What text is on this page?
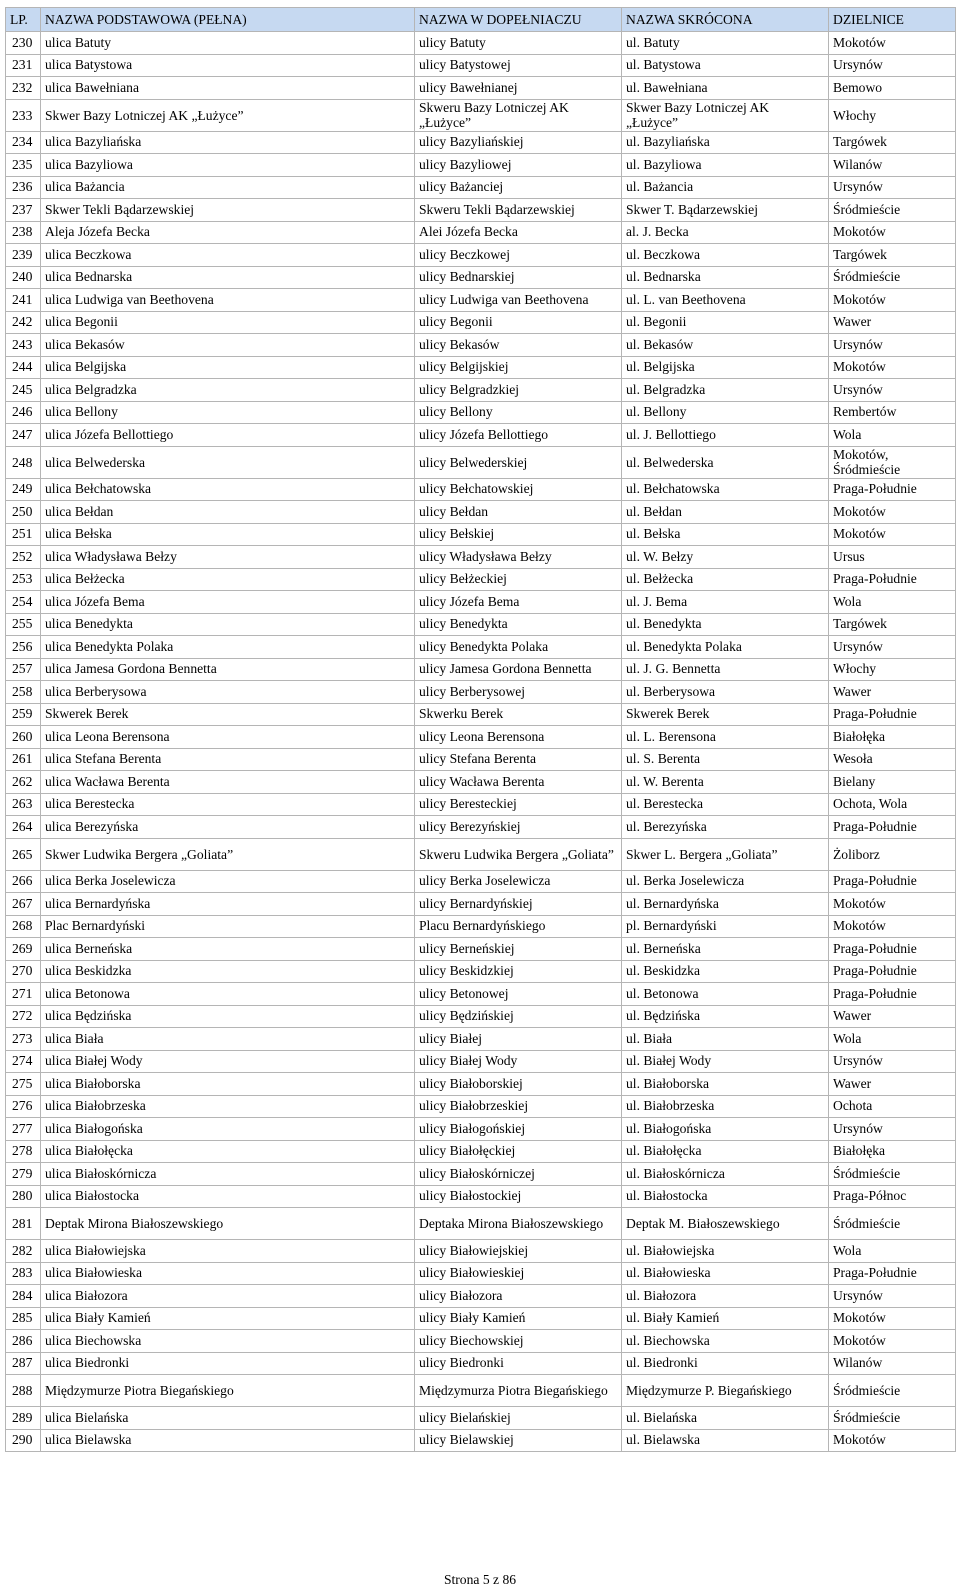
LP.	NAZWA PODSTAWOWA (PEŁNA)	NAZWA W DOPEŁNIACZU	NAZWA SKRÓCONA	DZIELNICE
230	ulica Batuty	ulicy Batuty	ul. Batuty	Mokotów
231	ulica Batystowa	ulicy Batystowej	ul. Batystowa	Ursynów
232	ulica Bawełniana	ulicy Bawełnianej	ul. Bawełniana	Bemowo
233	Skwer Bazy Lotniczej AK „Łużyce”	Skweru Bazy Lotniczej AK „Łużyce”	Skwer Bazy Lotniczej AK „Łużyce”	Włochy
234	ulica Bazyliańska	ulicy Bazyliańskiej	ul. Bazyliańska	Targówek
235	ulica Bazyliowa	ulicy Bazyliowej	ul. Bazyliowa	Wilanów
236	ulica Bażancia	ulicy Bażanciej	ul. Bażancia	Ursynów
237	Skwer Tekli Bądarzewskiej	Skweru Tekli Bądarzewskiej	Skwer T. Bądarzewskiej	Śródmieście
238	Aleja Józefa Becka	Alei Józefa Becka	al. J. Becka	Mokotów
239	ulica Beczkowa	ulicy Beczkowej	ul. Beczkowa	Targówek
240	ulica Bednarska	ulicy Bednarskiej	ul. Bednarska	Śródmieście
241	ulica Ludwiga van Beethovena	ulicy Ludwiga van Beethovena	ul. L. van Beethovena	Mokotów
242	ulica Begonii	ulicy Begonii	ul. Begonii	Wawer
243	ulica Bekasów	ulicy Bekasów	ul. Bekasów	Ursynów
244	ulica Belgijska	ulicy Belgijskiej	ul. Belgijska	Mokotów
245	ulica Belgradzka	ulicy Belgradzkiej	ul. Belgradzka	Ursynów
246	ulica Bellony	ulicy Bellony	ul. Bellony	Rembertów
247	ulica Józefa Bellottiego	ulicy Józefa Bellottiego	ul. J. Bellottiego	Wola
248	ulica Belwederska	ulicy Belwederskiej	ul. Belwederska	Mokotów, Śródmieście
249	ulica Bełchatowska	ulicy Bełchatowskiej	ul. Bełchatowska	Praga-Południe
250	ulica Bełdan	ulicy Bełdan	ul. Bełdan	Mokotów
251	ulica Bełska	ulicy Bełskiej	ul. Bełska	Mokotów
252	ulica Władysława Bełzy	ulicy Władysława Bełzy	ul. W. Bełzy	Ursus
253	ulica Bełżecka	ulicy Bełżeckiej	ul. Bełżecka	Praga-Południe
254	ulica Józefa Bema	ulicy Józefa Bema	ul. J. Bema	Wola
255	ulica Benedykta	ulicy Benedykta	ul. Benedykta	Targówek
256	ulica Benedykta Polaka	ulicy Benedykta Polaka	ul. Benedykta Polaka	Ursynów
257	ulica Jamesa Gordona Bennetta	ulicy Jamesa Gordona Bennetta	ul. J. G. Bennetta	Włochy
258	ulica Berberysowa	ulicy Berberysowej	ul. Berberysowa	Wawer
259	Skwerek Berek	Skwerku Berek	Skwerek Berek	Praga-Południe
260	ulica Leona Berensona	ulicy Leona Berensona	ul. L. Berensona	Białołęka
261	ulica Stefana Berenta	ulicy Stefana Berenta	ul. S. Berenta	Wesoła
262	ulica Wacława Berenta	ulicy Wacława Berenta	ul. W. Berenta	Bielany
263	ulica Berestecka	ulicy Beresteckiej	ul. Berestecka	Ochota, Wola
264	ulica Berezyńska	ulicy Berezyńskiej	ul. Berezyńska	Praga-Południe
265	Skwer Ludwika Bergera „Goliata”	Skweru Ludwika Bergera „Goliata”	Skwer L. Bergera „Goliata”	Żoliborz
266	ulica Berka Joselewicza	ulicy Berka Joselewicza	ul. Berka Joselewicza	Praga-Południe
267	ulica Bernardyńska	ulicy Bernardyńskiej	ul. Bernardyńska	Mokotów
268	Plac Bernardyński	Placu Bernardyńskiego	pl. Bernardyński	Mokotów
269	ulica Berneńska	ulicy Berneńskiej	ul. Berneńska	Praga-Południe
270	ulica Beskidzka	ulicy Beskidzkiej	ul. Beskidzka	Praga-Południe
271	ulica Betonowa	ulicy Betonowej	ul. Betonowa	Praga-Południe
272	ulica Będzińska	ulicy Będzińskiej	ul. Będzińska	Wawer
273	ulica Biała	ulicy Białej	ul. Biała	Wola
274	ulica Białej Wody	ulicy Białej Wody	ul. Białej Wody	Ursynów
275	ulica Białoborska	ulicy Białoborskiej	ul. Białoborska	Wawer
276	ulica Białobrzeska	ulicy Białobrzeskiej	ul. Białobrzeska	Ochota
277	ulica Białogońska	ulicy Białogońskiej	ul. Białogońska	Ursynów
278	ulica Białołęcka	ulicy Białołęckiej	ul. Białołęcka	Białołęka
279	ulica Białoskórnicza	ulicy Białoskórniczej	ul. Białoskórnicza	Śródmieście
280	ulica Białostocka	ulicy Białostockiej	ul. Białostocka	Praga-Północ
281	Deptak Mirona Białoszewskiego	Deptaka Mirona Białoszewskiego	Deptak M. Białoszewskiego	Śródmieście
282	ulica Białowiejska	ulicy Białowiejskiej	ul. Białowiejska	Wola
283	ulica Białowieska	ulicy Białowieskiej	ul. Białowieska	Praga-Południe
284	ulica Białozora	ulicy Białozora	ul. Białozora	Ursynów
285	ulica Biały Kamień	ulicy Biały Kamień	ul. Biały Kamień	Mokotów
286	ulica Biechowska	ulicy Biechowskiej	ul. Biechowska	Mokotów
287	ulica Biedronki	ulicy Biedronki	ul. Biedronki	Wilanów
288	Międzymurze Piotra Biegańskiego	Międzymurza Piotra Biegańskiego	Międzymurze P. Biegańskiego	Śródmieście
289	ulica Bielańska	ulicy Bielańskiej	ul. Bielańska	Śródmieście
290	ulica Bielawska	ulicy Bielawskiej	ul. Bielawska	Mokotów
Strona 5 z 86
